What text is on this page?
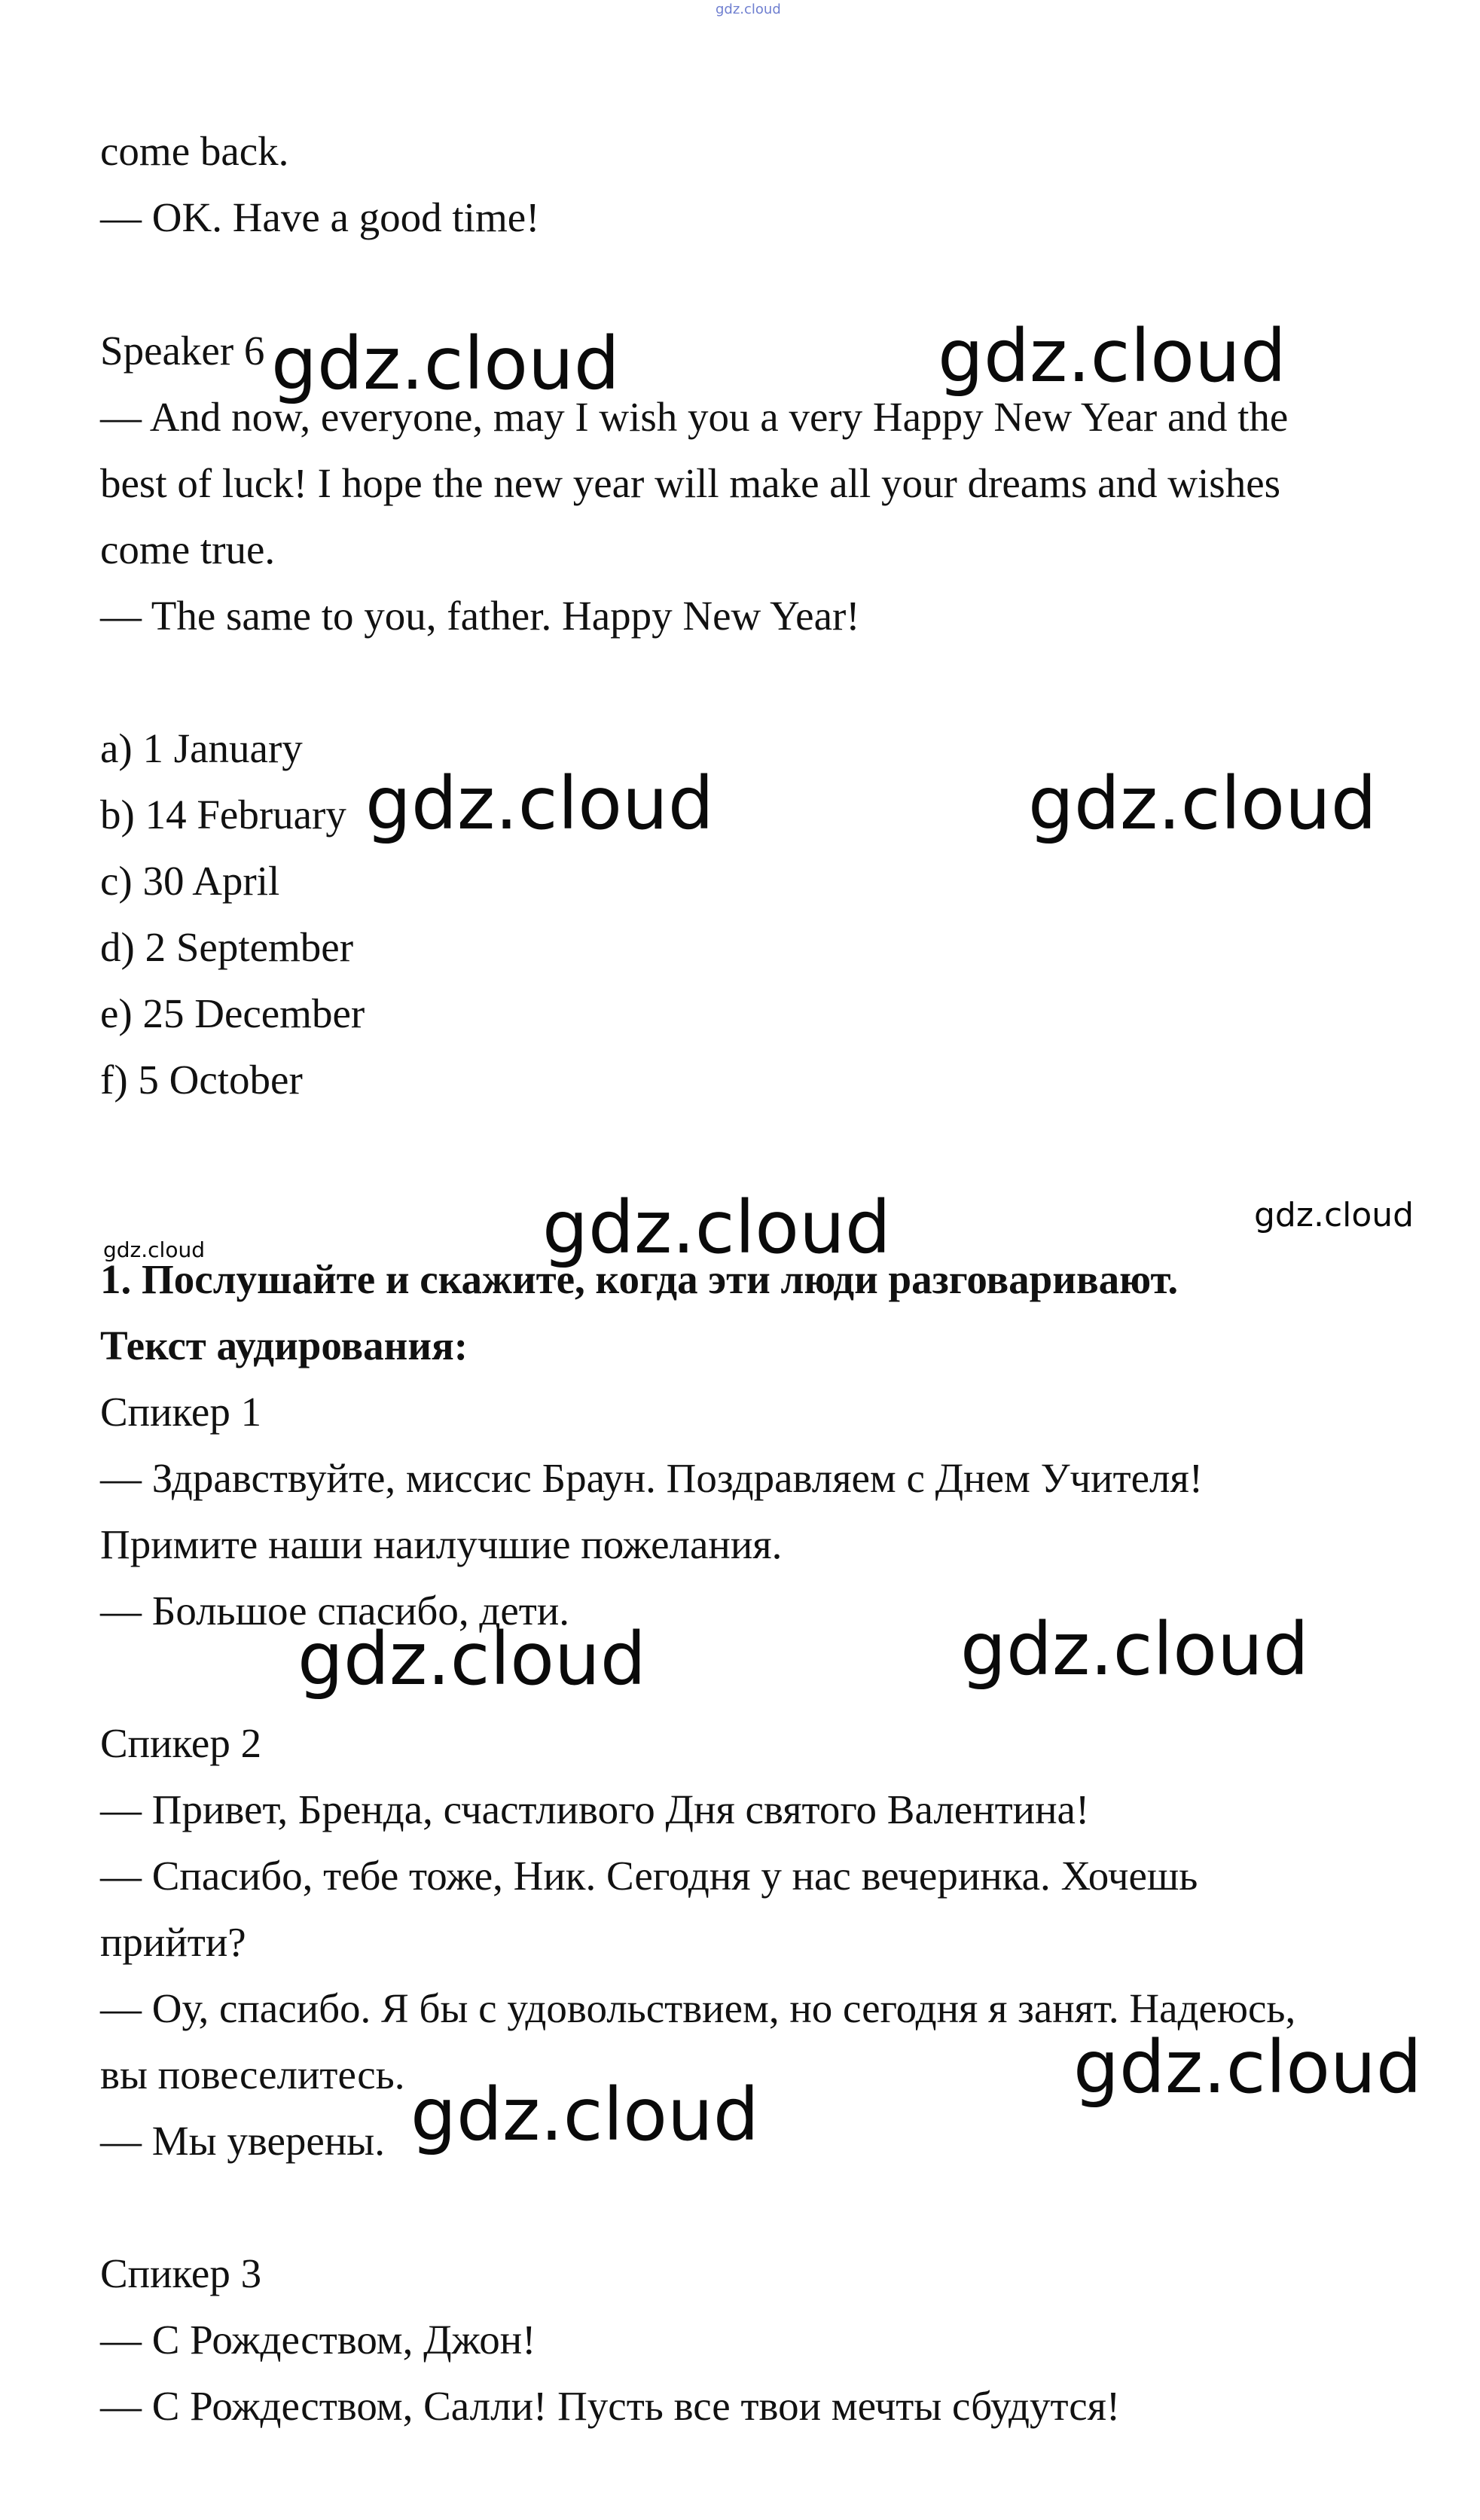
gdz.cloud
come back.
— OK. Have a good time!
Speaker 6
— And now, everyone, may I wish you a very Happy New Year and the
best of luck! I hope the new year will make all your dreams and wishes
come true.
— The same to you, father. Happy New Year!
a) 1 January
b) 14 February
c) 30 April
d) 2 September
e) 25 December
f) 5 October
1. Послушайте и скажите, когда эти люди разговаривают.
Текст аудирования:
Спикер 1
— Здравствуйте, миссис Браун. Поздравляем с Днем Учителя!
Примите наши наилучшие пожелания.
— Большое спасибо, дети.
Спикер 2
— Привет, Бренда, счастливого Дня святого Валентина!
— Спасибо, тебе тоже, Ник. Сегодня у нас вечеринка. Хочешь
прийти?
— Оу, спасибо. Я бы с удовольствием, но сегодня я занят. Надеюсь,
вы повеселитесь.
— Мы уверены.
Спикер 3
— С Рождеством, Джон!
— С Рождеством, Салли! Пусть все твои мечты сбудутся!
gdz.cloud	gdz.cloud
gdz.cloud	gdz.cloud
gdz.cloud	gdz.cloud
gdz.cloud
gdz.cloud	gdz.cloud
gdz.cloud
gdz.cloud
